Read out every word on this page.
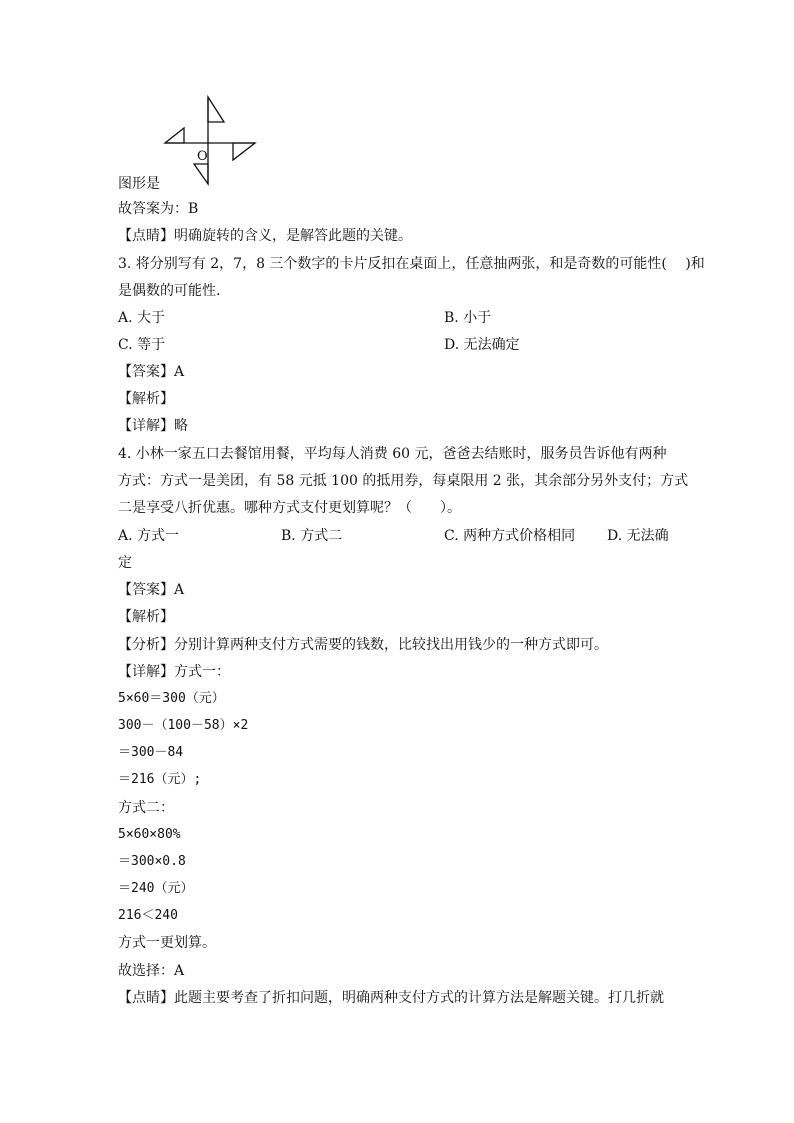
O
图形是
故答案为：B
【点睛】明确旋转的含义，是解答此题的关键。
3. 将分别写有 2，7，8 三个数字的卡片反扣在桌面上，任意抽两张，和是奇数的可能性(　 )和
是偶数的可能性.
A. 大于	B. 小于
C. 等于	D. 无法确定
【答案】A
【解析】
【详解】略
4. 小林一家五口去餐馆用餐，平均每人消费 60 元，爸爸去结账时，服务员告诉他有两种
方式：方式一是美团，有 58 元抵 100 的抵用券，每桌限用 2 张，其余部分另外支付；方式
二是享受八折优惠。哪种方式支付更划算呢？（　　）。
A. 方式一	B. 方式二	C. 两种方式价格相同 D. 无法确
定
【答案】A
【解析】
【分析】分别计算两种支付方式需要的钱数，比较找出用钱少的一种方式即可。
【详解】方式一：
5×60＝300（元）
300－（100－58）×2
＝300－84
＝216（元）;
方式二：
5×60×80%
＝300×0.8
＝240（元）
216＜240
方式一更划算。
故选择：A
【点睛】此题主要考查了折扣问题，明确两种支付方式的计算方法是解题关键。打几折就
